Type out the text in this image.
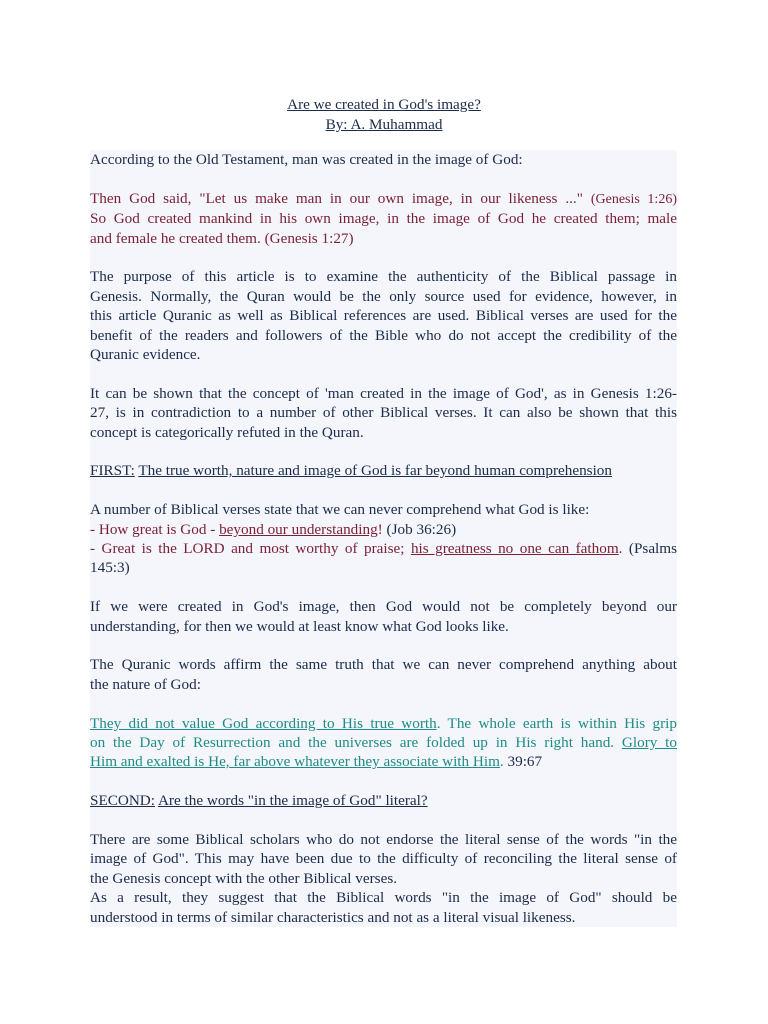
Are we created in God's image?
By: A. Muhammad

According to the Old Testament, man was created in the image of God:

Then God said, "Let us make man in our own image, in our likeness ..." (Genesis 1:26)
So God created mankind in his own image, in the image of God he created them; male
and female he created them. (Genesis 1:27)

The purpose of this article is to examine the authenticity of the Biblical passage in
Genesis. Normally, the Quran would be the only source used for evidence, however, in
this article Quranic as well as Biblical references are used. Biblical verses are used for the
benefit of the readers and followers of the Bible who do not accept the credibility of the
Quranic evidence.

It can be shown that the concept of 'man created in the image of God', as in Genesis 1:26-
27, is in contradiction to a number of other Biblical verses. It can also be shown that this
concept is categorically refuted in the Quran.

FIRST: The true worth, nature and image of God is far beyond human comprehension

A number of Biblical verses state that we can never comprehend what God is like:
- How great is God - beyond our understanding! (Job 36:26)
- Great is the LORD and most worthy of praise; his greatness no one can fathom. (Psalms
145:3)

If we were created in God's image, then God would not be completely beyond our
understanding, for then we would at least know what God looks like.

The Quranic words affirm the same truth that we can never comprehend anything about
the nature of God:

They did not value God according to His true worth. The whole earth is within His grip
on the Day of Resurrection and the universes are folded up in His right hand. Glory to
Him and exalted is He, far above whatever they associate with Him. 39:67

SECOND: Are the words "in the image of God" literal?

There are some Biblical scholars who do not endorse the literal sense of the words "in the
image of God". This may have been due to the difficulty of reconciling the literal sense of
the Genesis concept with the other Biblical verses.
As a result, they suggest that the Biblical words "in the image of God" should be
understood in terms of similar characteristics and not as a literal visual likeness.
